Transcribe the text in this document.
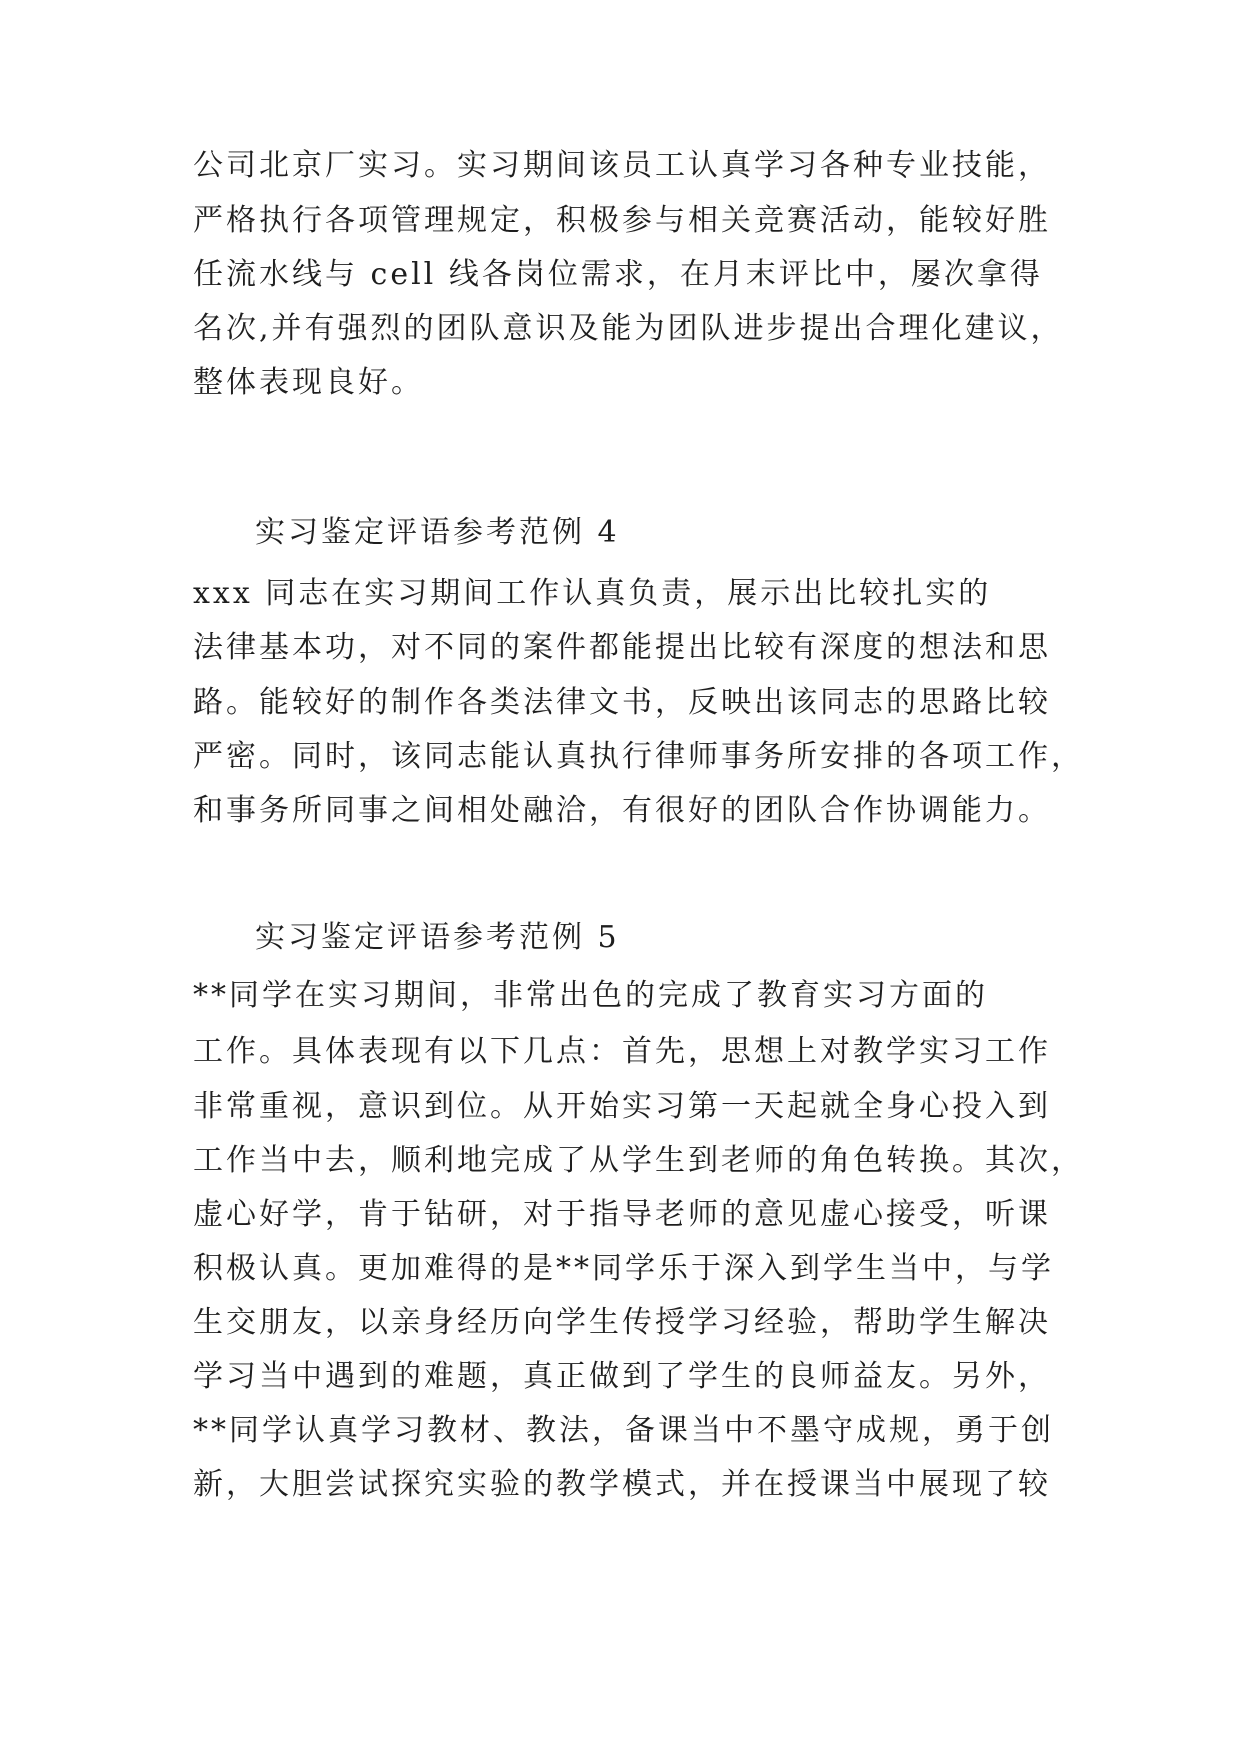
公司北京厂实习。实习期间该员工认真学习各种专业技能，

严格执行各项管理规定，积极参与相关竞赛活动，能较好胜

任流水线与 cell 线各岗位需求，在月末评比中，屡次拿得

名次,并有强烈的团队意识及能为团队进步提出合理化建议，

整体表现良好。

实习鉴定评语参考范例 4

xxx 同志在实习期间工作认真负责，展示出比较扎实的

法律基本功，对不同的案件都能提出比较有深度的想法和思

路。能较好的制作各类法律文书，反映出该同志的思路比较

严密。同时，该同志能认真执行律师事务所安排的各项工作，

和事务所同事之间相处融洽，有很好的团队合作协调能力。

实习鉴定评语参考范例 5

**同学在实习期间，非常出色的完成了教育实习方面的

工作。具体表现有以下几点：首先，思想上对教学实习工作

非常重视，意识到位。从开始实习第一天起就全身心投入到

工作当中去，顺利地完成了从学生到老师的角色转换。其次，

虚心好学，肯于钻研，对于指导老师的意见虚心接受，听课

积极认真。更加难得的是**同学乐于深入到学生当中，与学

生交朋友，以亲身经历向学生传授学习经验，帮助学生解决

学习当中遇到的难题，真正做到了学生的良师益友。另外，

**同学认真学习教材、教法，备课当中不墨守成规，勇于创

新，大胆尝试探究实验的教学模式，并在授课当中展现了较
